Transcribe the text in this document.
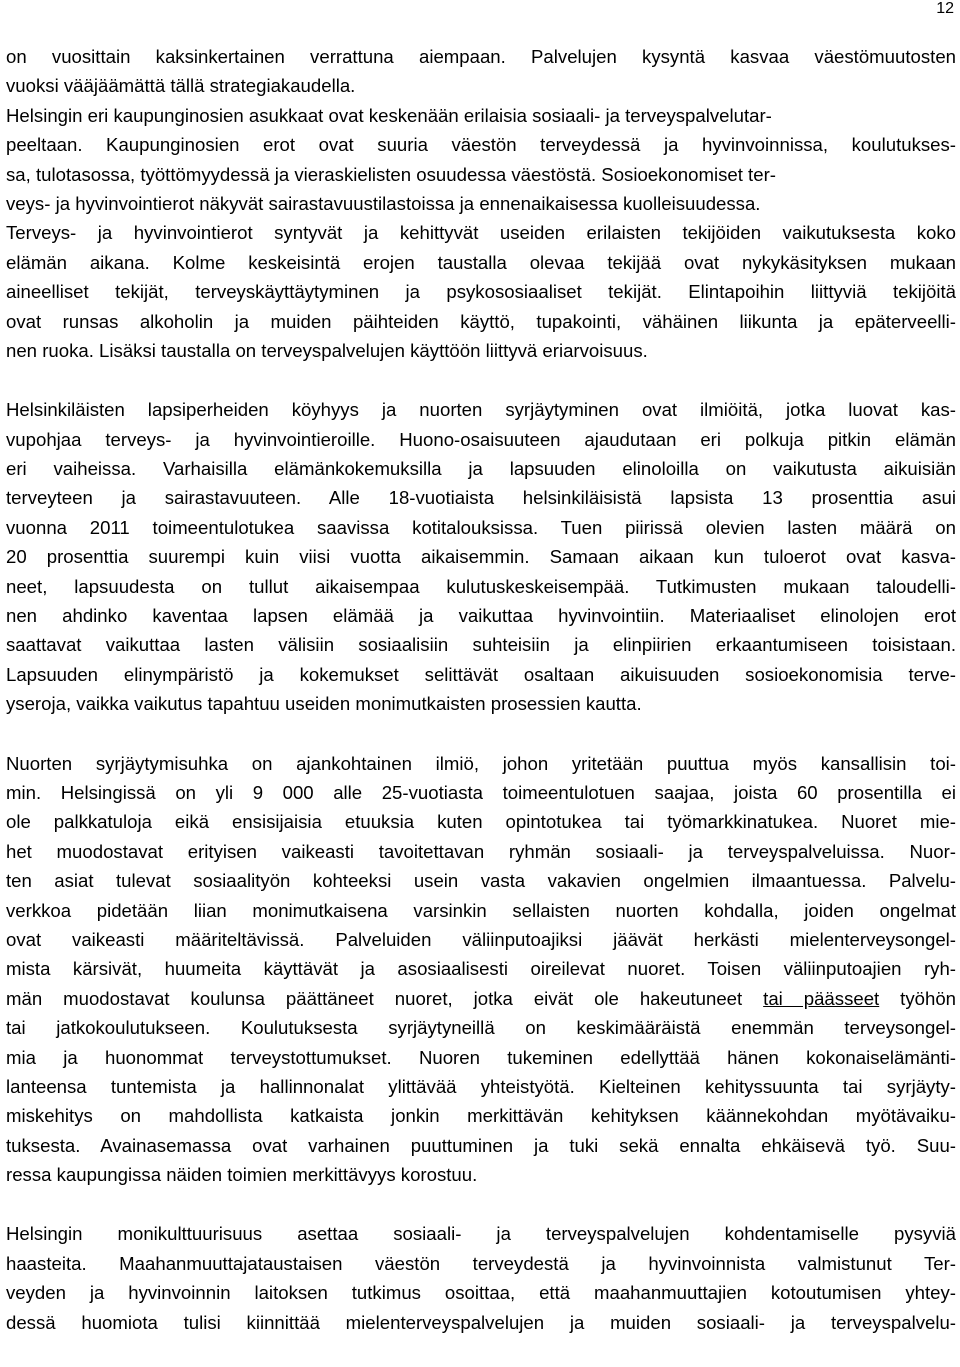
12
on vuosittain kaksinkertainen verrattuna aiempaan. Palvelujen kysyntä kasvaa väestömuutosten
vuoksi vääjäämättä tällä strategiakaudella.
Helsingin eri kaupunginosien asukkaat ovat keskenään erilaisia sosiaali- ja terveyspalvelutar-
peeltaan. Kaupunginosien erot ovat suuria väestön terveydessä ja hyvinvoinnissa, koulutukses-
sa, tulotasossa, työttömyydessä ja vieraskielisten osuudessa väestöstä. Sosioekonomiset ter-
veys- ja hyvinvointierot näkyvät sairastavuustilastoissa ja ennenaikaisessa kuolleisuudessa.
Terveys- ja hyvinvointierot syntyvät ja kehittyvät useiden erilaisten tekijöiden vaikutuksesta koko
elämän aikana. Kolme keskeisintä erojen taustalla olevaa tekijää ovat nykykäsityksen mukaan
aineelliset tekijät, terveyskäyttäytyminen ja psykososiaaliset tekijät. Elintapoihin liittyviä tekijöitä
ovat runsas alkoholin ja muiden päihteiden käyttö, tupakointi, vähäinen liikunta ja epäterveelli-
nen ruoka. Lisäksi taustalla on terveyspalvelujen käyttöön liittyvä eriarvoisuus.
Helsinkiläisten lapsiperheiden köyhyys ja nuorten syrjäytyminen ovat ilmiöitä, jotka luovat kas-
vupohjaa terveys- ja hyvinvointieroille. Huono-osaisuuteen ajaudutaan eri polkuja pitkin elämän
eri vaiheissa. Varhaisilla elämänkokemuksilla ja lapsuuden elinoloilla on vaikutusta aikuisiän
terveyteen ja sairastavuuteen. Alle 18-vuotiaista helsinkiläisistä lapsista 13 prosenttia asui
vuonna 2011 toimeentulotukea saavissa kotitalouksissa. Tuen piirissä olevien lasten määrä on
20 prosenttia suurempi kuin viisi vuotta aikaisemmin. Samaan aikaan kun tuloerot ovat kasva-
neet, lapsuudesta on tullut aikaisempaa kulutuskeskeisempää. Tutkimusten mukaan taloudelli-
nen ahdinko kaventaa lapsen elämää ja vaikuttaa hyvinvointiin. Materiaaliset elinolojen erot
saattavat vaikuttaa lasten välisiin sosiaalisiin suhteisiin ja elinpiirien erkaantumiseen toisistaan.
Lapsuuden elinympäristö ja kokemukset selittävät osaltaan aikuisuuden sosioekonomisia terve-
yseroja, vaikka vaikutus tapahtuu useiden monimutkaisten prosessien kautta.
Nuorten syrjäytymisuhka on ajankohtainen ilmiö, johon yritetään puuttua myös kansallisin toi-
min. Helsingissä on yli 9 000 alle 25-vuotiasta toimeentulotuen saajaa, joista 60 prosentilla ei
ole palkkatuloja eikä ensisijaisia etuuksia kuten opintotukea tai työmarkkinatukea. Nuoret mie-
het muodostavat erityisen vaikeasti tavoitettavan ryhmän sosiaali- ja terveyspalveluissa. Nuor-
ten asiat tulevat sosiaalityön kohteeksi usein vasta vakavien ongelmien ilmaantuessa. Palvelu-
verkkoa pidetään liian monimutkaisena varsinkin sellaisten nuorten kohdalla, joiden ongelmat
ovat vaikeasti määriteltävissä. Palveluiden väliinputoajiksi jäävät herkästi mielenterveysongel-
mista kärsivät, huumeita käyttävät ja asosiaalisesti oireilevat nuoret. Toisen väliinputoajien ryh-
män muodostavat koulunsa päättäneet nuoret, jotka eivät ole hakeutuneet tai päässeet työhön
tai jatkokoulutukseen. Koulutuksesta syrjäytyneillä on keskimääräistä enemmän terveysongel-
mia ja huonommat terveystottumukset. Nuoren tukeminen edellyttää hänen kokonaiselämänti-
lanteensa tuntemista ja hallinnonalat ylittävää yhteistyötä. Kielteinen kehityssuunta tai syrjäyty-
miskehitys on mahdollista katkaista jonkin merkittävän kehityksen käännekohdan myötävaiku-
tuksesta. Avainasemassa ovat varhainen puuttuminen ja tuki sekä ennalta ehkäisevä työ. Suu-
ressa kaupungissa näiden toimien merkittävyys korostuu.
Helsingin monikulttuurisuus asettaa sosiaali- ja terveyspalvelujen kohdentamiselle pysyviä
haasteita. Maahanmuuttajataustaisen väestön terveydestä ja hyvinvoinnista valmistunut Ter-
veyden ja hyvinvoinnin laitoksen tutkimus osoittaa, että maahanmuuttajien kotoutumisen yhtey-
dessä huomiota tulisi kiinnittää mielenterveyspalvelujen ja muiden sosiaali- ja terveyspalvelu-
